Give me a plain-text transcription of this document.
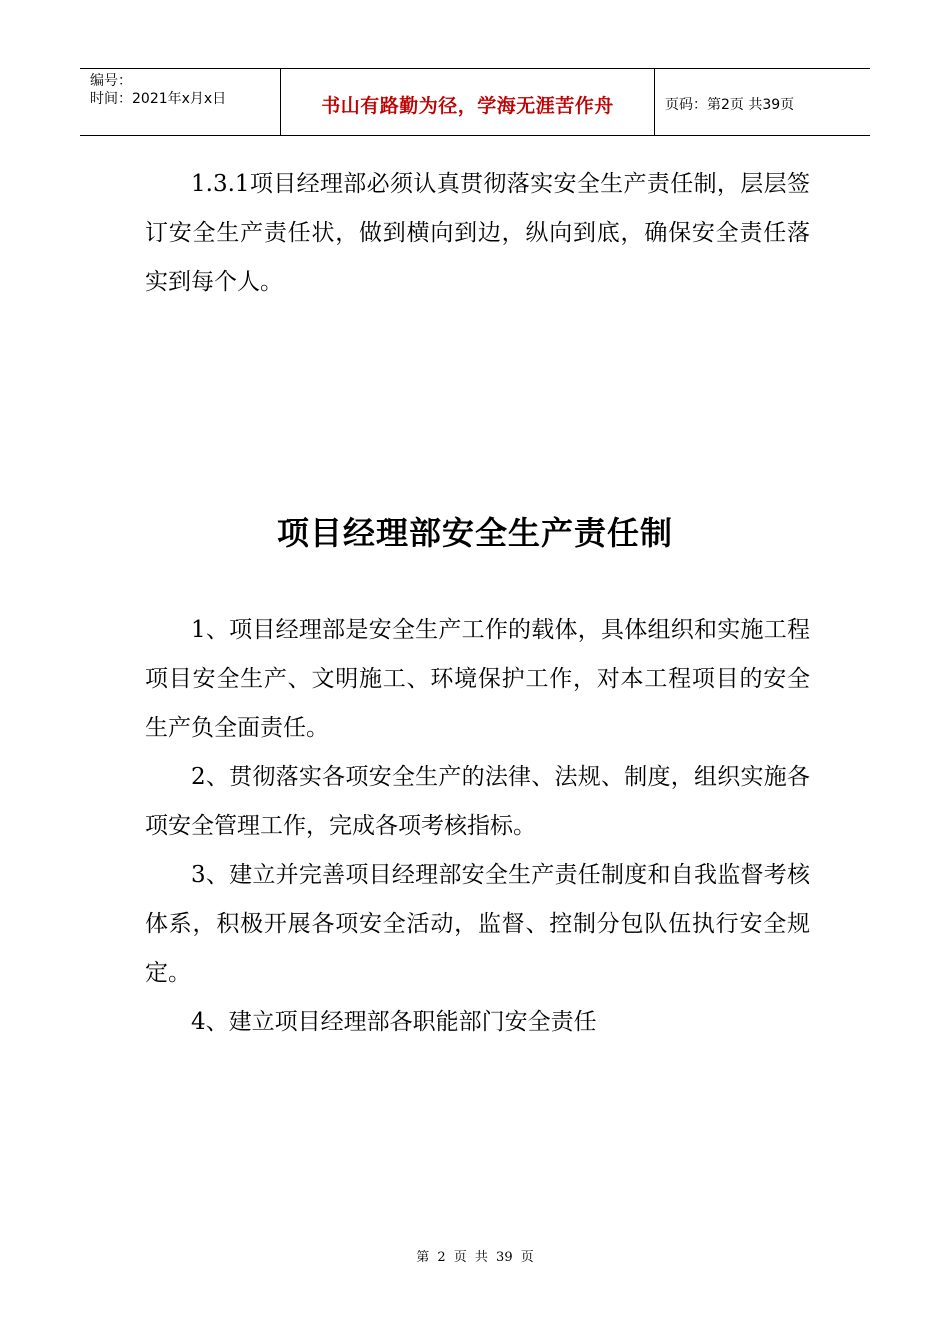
编号：
时间：2021年x月x日	书山有路勤为径，学海无涯苦作舟	页码：第2页 共39页

1.3.1项目经理部必须认真贯彻落实安全生产责任制，层层签订安全生产责任状，做到横向到边，纵向到底，确保安全责任落实到每个人。

项目经理部安全生产责任制

1、项目经理部是安全生产工作的载体，具体组织和实施工程项目安全生产、文明施工、环境保护工作，对本工程项目的安全生产负全面责任。

2、贯彻落实各项安全生产的法律、法规、制度，组织实施各项安全管理工作，完成各项考核指标。

3、建立并完善项目经理部安全生产责任制度和自我监督考核体系，积极开展各项安全活动，监督、控制分包队伍执行安全规定。

4、建立项目经理部各职能部门安全责任

第 2 页 共 39 页
